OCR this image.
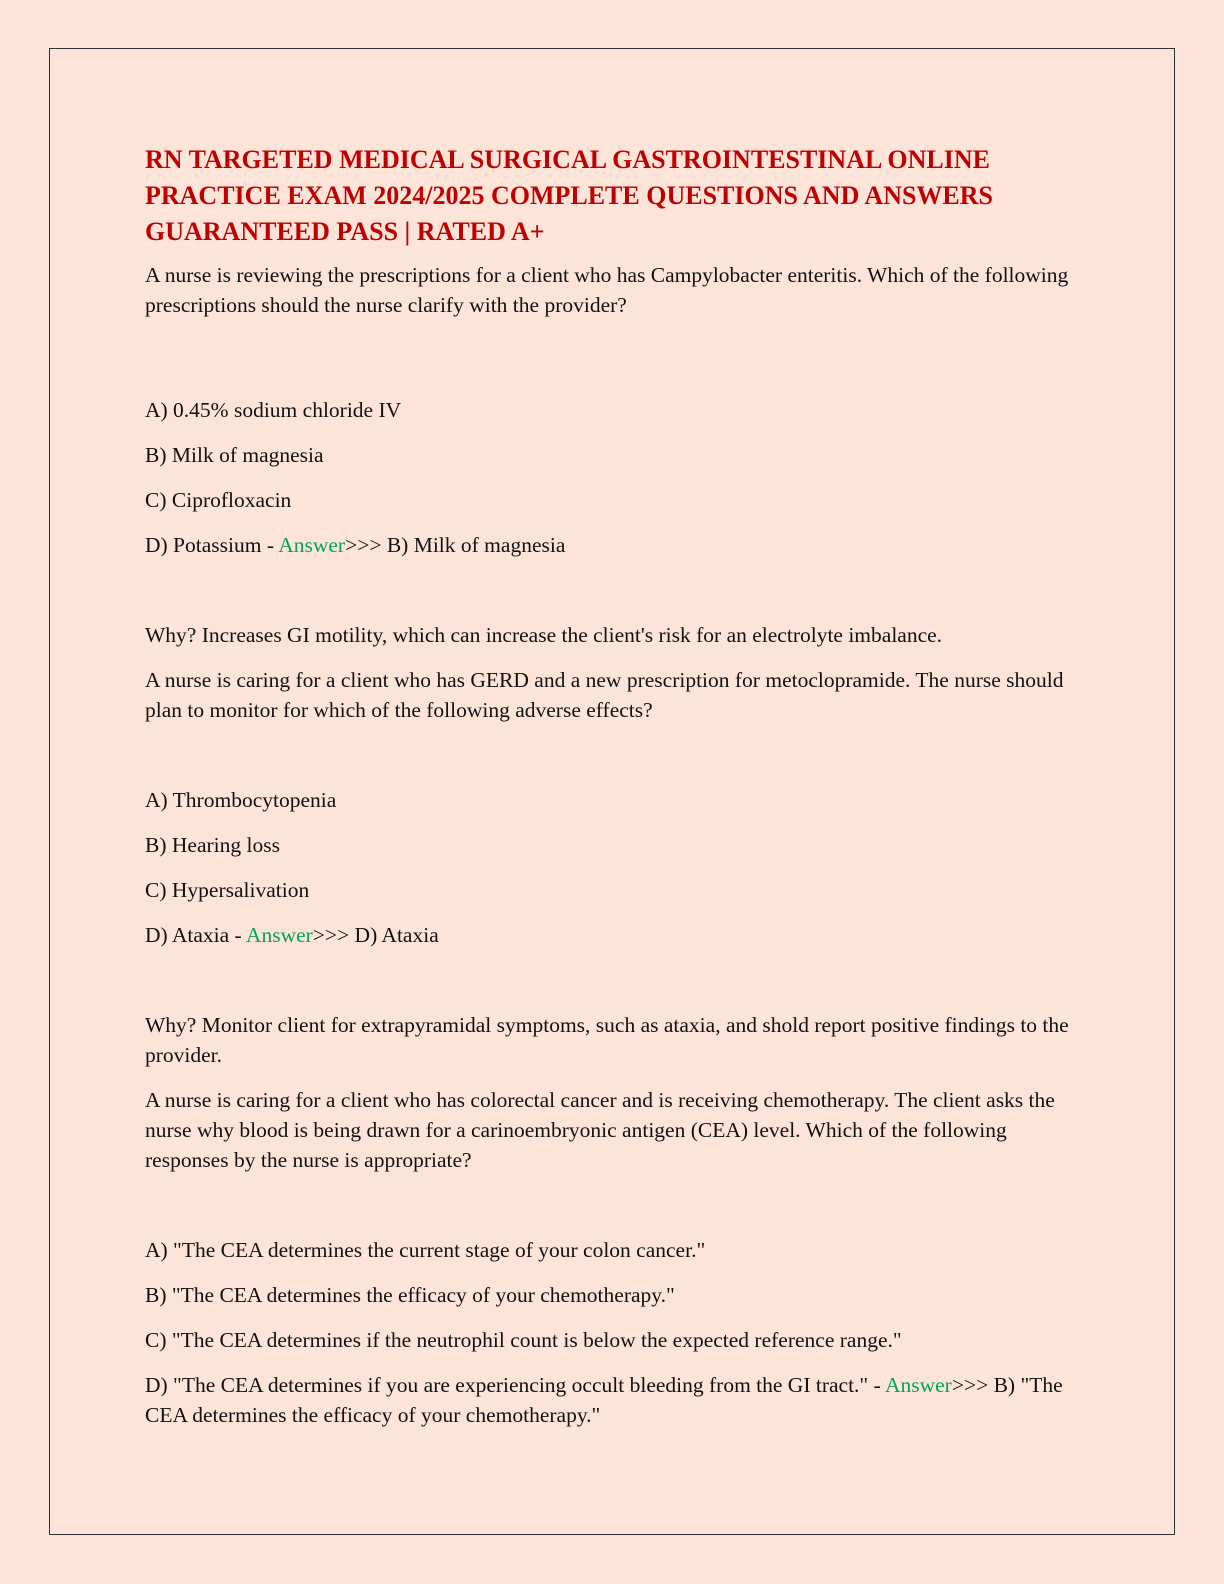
RN TARGETED MEDICAL SURGICAL GASTROINTESTINAL ONLINE PRACTICE EXAM 2024/2025 COMPLETE QUESTIONS AND ANSWERS GUARANTEED PASS | RATED A+

A nurse is reviewing the prescriptions for a client who has Campylobacter enteritis. Which of the following prescriptions should the nurse clarify with the provider?

A) 0.45% sodium chloride IV

B) Milk of magnesia

C) Ciprofloxacin

D) Potassium - Answer>>> B) Milk of magnesia

Why? Increases GI motility, which can increase the client's risk for an electrolyte imbalance.

A nurse is caring for a client who has GERD and a new prescription for metoclopramide. The nurse should plan to monitor for which of the following adverse effects?

A) Thrombocytopenia

B) Hearing loss

C) Hypersalivation

D) Ataxia - Answer>>> D) Ataxia

Why? Monitor client for extrapyramidal symptoms, such as ataxia, and shold report positive findings to the provider.

A nurse is caring for a client who has colorectal cancer and is receiving chemotherapy. The client asks the nurse why blood is being drawn for a carinoembryonic antigen (CEA) level. Which of the following responses by the nurse is appropriate?

A) "The CEA determines the current stage of your colon cancer."

B) "The CEA determines the efficacy of your chemotherapy."

C) "The CEA determines if the neutrophil count is below the expected reference range."

D) "The CEA determines if you are experiencing occult bleeding from the GI tract." - Answer>>> B) "The CEA determines the efficacy of your chemotherapy."
